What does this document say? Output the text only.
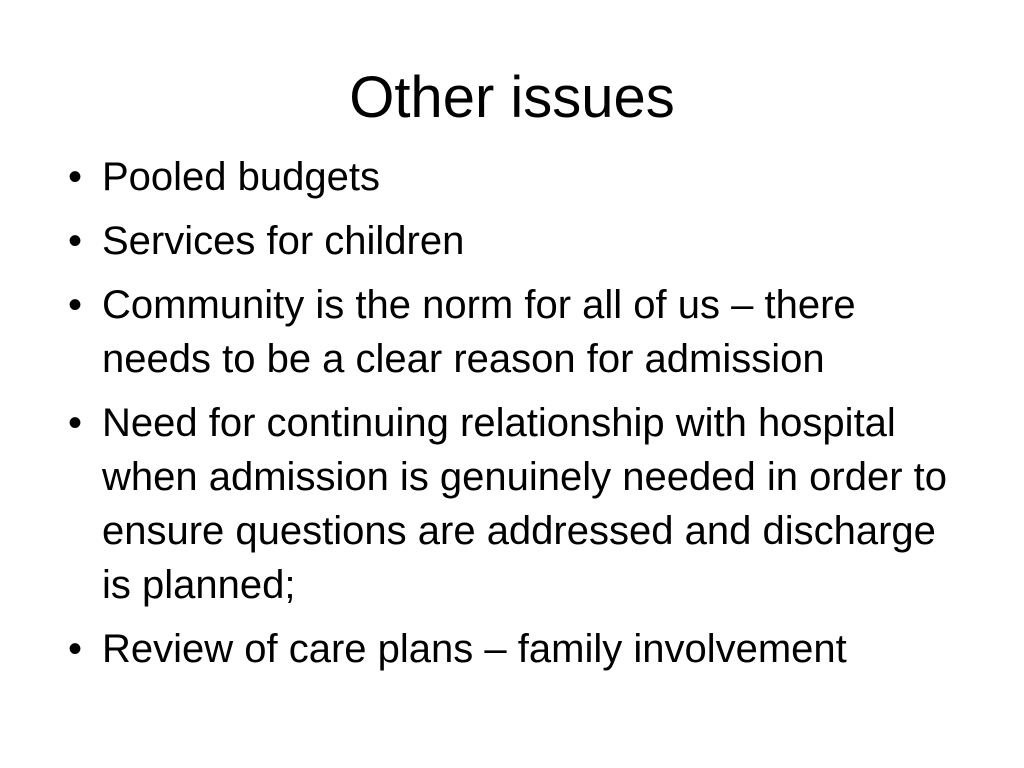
Other issues
• Pooled budgets
• Services for children
• Community is the norm for all of us – there needs to be a clear reason for admission
• Need for continuing relationship with hospital when admission is genuinely needed in order to ensure questions are addressed and discharge is planned;
• Review of care plans – family involvement
